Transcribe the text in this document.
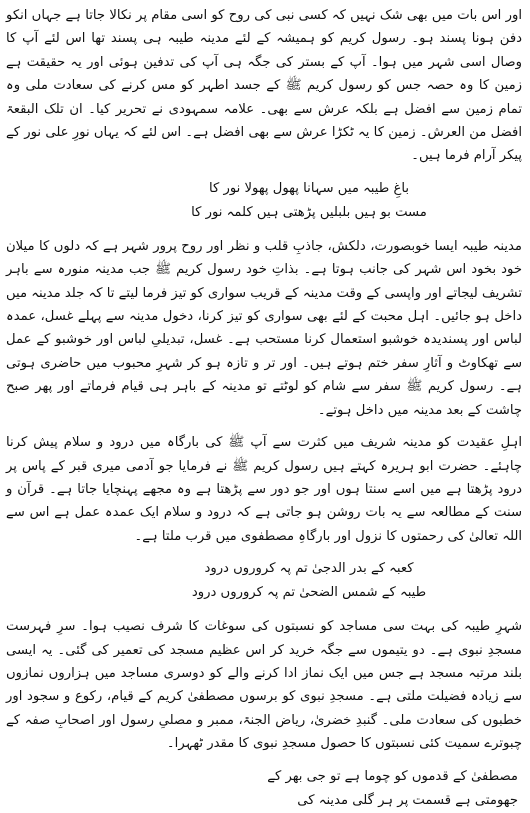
اور اس بات میں بھی شک نہیں کہ کسی نبی کی روح کو اسی مقام پر نکالا جاتا ہے جہاں انکو دفن ہونا پسند ہو۔ رسول کریم کو ہمیشہ کے لئے مدینہ طیبہ ہی پسند تھا اس لئے آپ کا وصال اسی شہر میں ہوا۔ آپ کے بستر کی جگہ ہی آپ کی تدفین ہوئی اور یہ حقیقت ہے زمین کا وہ حصہ جس کو رسول کریم ﷺ کے جسد اطہر کو مس کرنے کی سعادت ملی وہ تمام زمین سے افضل ہے بلکہ عرش سے بھی۔ علامہ سمہودی نے تحریر کیا۔ ان تلک البقعۃ افضل من العرش۔ زمین کا یہ ٹکڑا عرش سے بھی افضل ہے۔ اس لئے کہ یہاں نورِ علی نور کے پیکر آرام فرما ہیں۔

باغِ طیبہ میں سہانا پھول پھولا نور کا
مست بو ہیں بلبلیں پڑھتی ہیں کلمہ نور کا

مدینہ طیبہ ایسا خوبصورت، دلکش، جاذبِ قلب و نظر اور روح پرور شہر ہے کہ دلوں کا میلان خود بخود اس شہر کی جانب ہوتا ہے۔ بذاتِ خود رسول کریم ﷺ جب مدینہ منورہ سے باہر تشریف لیجاتے اور واپسی کے وقت مدینہ کے قریب سواری کو تیز فرما لیتے تا کہ جلد مدینہ میں داخل ہو جائیں۔ اہل محبت کے لئے بھی سواری کو تیز کرنا، دخول مدینہ سے پہلے غسل، عمدہ لباس اور پسندیدہ خوشبو استعمال کرنا مستحب ہے۔ غسل، تبدیلیِ لباس اور خوشبو کے عمل سے تھکاوٹ و آثارِ سفر ختم ہوتے ہیں۔ اور تر و تازہ ہو کر شہرِ محبوب میں حاضری ہوتی ہے۔ رسول کریم ﷺ سفر سے شام کو لوٹتے تو مدینہ کے باہر ہی قیام فرماتے اور پھر صبح چاشت کے بعد مدینہ میں داخل ہوتے۔

اہلِ عقیدت کو مدینہ شریف میں کثرت سے آپ ﷺ کی بارگاہ میں درود و سلام پیش کرنا چاہئے۔ حضرت ابو ہریرہ کہتے ہیں رسول کریم ﷺ نے فرمایا جو آدمی میری قبر کے پاس پر درود پڑھتا ہے میں اسے سنتا ہوں اور جو دور سے پڑھتا ہے وہ مجھے پہنچایا جاتا ہے۔ قرآن و سنت کے مطالعہ سے یہ بات روشن ہو جاتی ہے کہ درود و سلام ایک عمدہ عمل ہے اس سے اللہ تعالیٰ کی رحمتوں کا نزول اور بارگاہِ مصطفوی میں قرب ملتا ہے۔

کعبہ کے بدر الدجیٰ تم پہ کروروں درود
طیبہ کے شمس الضحیٰ تم پہ کروروں درود

شہرِ طیبہ کی بہت سی مساجد کو نسبتوں کی سوغات کا شرف نصیب ہوا۔ سرِ فہرست مسجدِ نبوی ہے۔ دو یتیموں سے جگہ خرید کر اس عظیم مسجد کی تعمیر کی گئی۔ یہ ایسی بلند مرتبہ مسجد ہے جس میں ایک نماز ادا کرنے والے کو دوسری مساجد میں ہزاروں نمازوں سے زیادہ فضیلت ملتی ہے۔ مسجدِ نبوی کو برسوں مصطفیٰ کریم کے قیام، رکوع و سجود اور خطبوں کی سعادت ملی۔ گنبدِ خضریٰ، ریاض الجنۃ، ممبر و مصلیِ رسول اور اصحابِ صفہ کے چبوترے سمیت کئی نسبتوں کا حصول مسجدِ نبوی کا مقدر ٹھہرا۔

مصطفیٰ کے قدموں کو چوما ہے تو جی بھر کے
جھومتی ہے قسمت پر ہر گلی مدینہ کی
